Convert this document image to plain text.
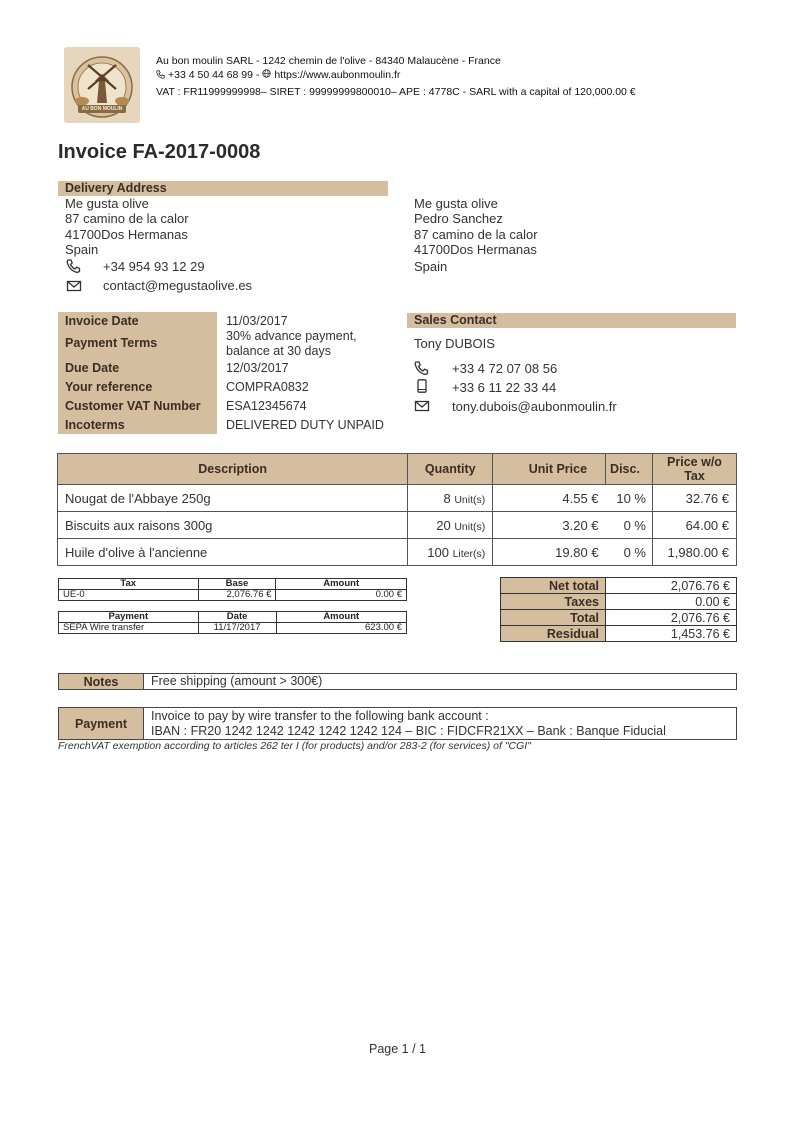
AU BON MOULIN
Au bon moulin SARL - 1242 chemin de l'olive - 84340 Malaucène - France
+33 4 50 44 68 99 - https://www.aubonmoulin.fr
VAT : FR11999999998– SIRET : 99999999800010– APE : 4778C - SARL with a capital of 120,000.00 €
Invoice FA-2017-0008
Delivery Address
Me gusta olive
87 camino de la calor
41700Dos Hermanas
Spain
+34 954 93 12 29
contact@megustaolive.es
Me gusta olive
Pedro Sanchez
87 camino de la calor
41700Dos Hermanas
Spain
Invoice Date	11/03/2017
Payment Terms	30% advance payment,
balance at 30 days
Due Date	12/03/2017
Your reference	COMPRA0832
Customer VAT Number ESA12345674
Incoterms	DELIVERED DUTY UNPAID
Sales Contact
Tony DUBOIS
+33 4 72 07 08 56
+33 6 11 22 33 44
tony.dubois@aubonmoulin.fr
Description	Quantity	Unit Price	Disc.	Price w/o
Tax
Nougat de l'Abbaye 250g	8 Unit(s)	4.55 €	10 %	32.76 €
Biscuits aux raisons 300g	20 Unit(s)	3.20 €	0 %	64.00 €
Huile d'olive à l'ancienne	100 Liter(s)	19.80 €	0 %	1,980.00 €
Tax	Base	Amount
UE-0	2,076.76 €	0.00 €
Payment	Date	Amount
SEPA Wire transfer	11/17/2017	623.00 €
Net total	2,076.76 €
Taxes	0.00 €
Total	2,076.76 €
Residual	1,453.76 €
Notes	Free shipping (amount > 300€)
Payment
Invoice to pay by wire transfer to the following bank account :
IBAN : FR20 1242 1242 1242 1242 1242 124 – BIC : FIDCFR21XX – Bank : Banque Fiducial
FrenchVAT exemption according to articles 262 ter I (for products) and/or 283-2 (for services) of "CGI"
Page 1 / 1
